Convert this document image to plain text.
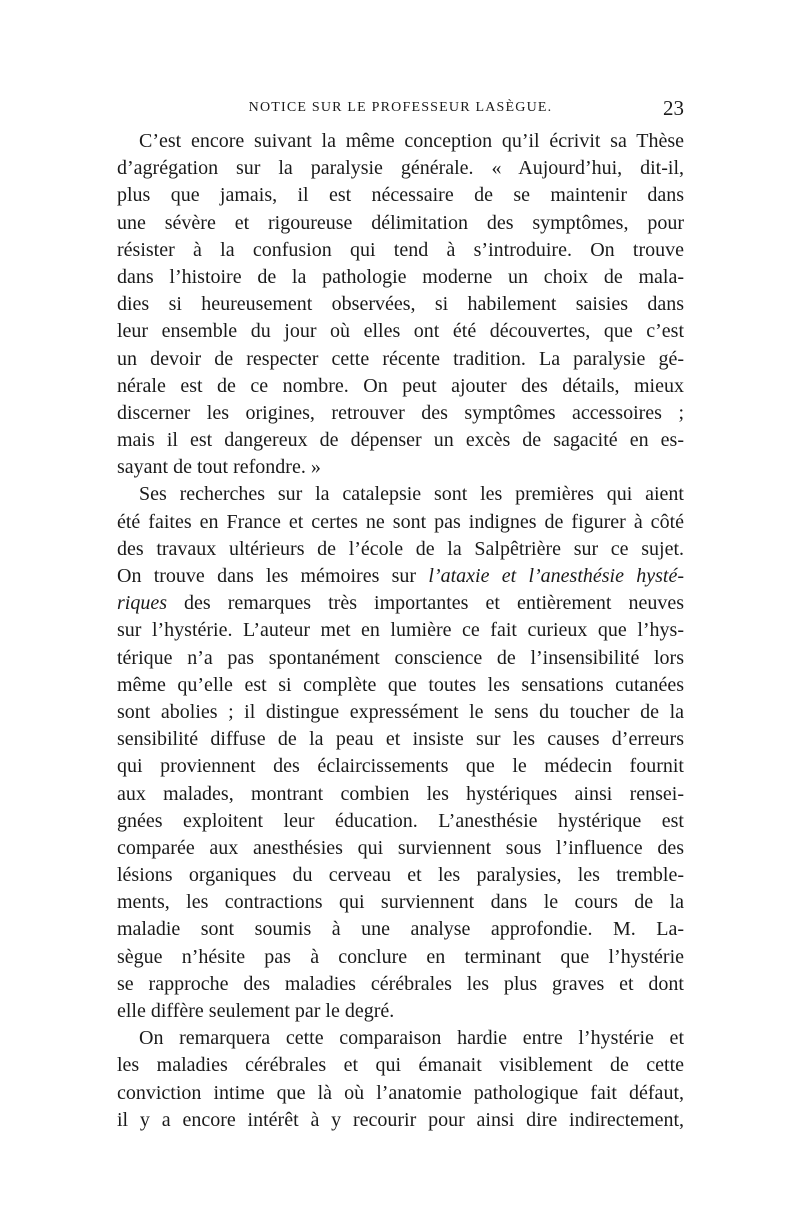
NOTICE SUR LE PROFESSEUR LASÈGUE.	23
C’est encore suivant la même conception qu’il écrivit sa Thèse
d’agrégation sur la paralysie générale. « Aujourd’hui, dit-il,
plus que jamais, il est nécessaire de se maintenir dans
une sévère et rigoureuse délimitation des symptômes, pour
résister à la confusion qui tend à s’introduire. On trouve
dans l’histoire de la pathologie moderne un choix de mala-
dies si heureusement observées, si habilement saisies dans
leur ensemble du jour où elles ont été découvertes, que c’est
un devoir de respecter cette récente tradition. La paralysie gé-
nérale est de ce nombre. On peut ajouter des détails, mieux
discerner les origines, retrouver des symptômes accessoires ;
mais il est dangereux de dépenser un excès de sagacité en es-
sayant de tout refondre. »
Ses recherches sur la catalepsie sont les premières qui aient
été faites en France et certes ne sont pas indignes de figurer à côté
des travaux ultérieurs de l’école de la Salpêtrière sur ce sujet.
On trouve dans les mémoires sur l’ataxie et l’anesthésie hysté-
riques des remarques très importantes et entièrement neuves
sur l’hystérie. L’auteur met en lumière ce fait curieux que l’hys-
térique n’a pas spontanément conscience de l’insensibilité lors
même qu’elle est si complète que toutes les sensations cutanées
sont abolies ; il distingue expressément le sens du toucher de la
sensibilité diffuse de la peau et insiste sur les causes d’erreurs
qui proviennent des éclaircissements que le médecin fournit
aux malades, montrant combien les hystériques ainsi rensei-
gnées exploitent leur éducation. L’anesthésie hystérique est
comparée aux anesthésies qui surviennent sous l’influence des
lésions organiques du cerveau et les paralysies, les tremble-
ments, les contractions qui surviennent dans le cours de la
maladie sont soumis à une analyse approfondie. M. La-
sègue n’hésite pas à conclure en terminant que l’hystérie
se rapproche des maladies cérébrales les plus graves et dont
elle diffère seulement par le degré.
On remarquera cette comparaison hardie entre l’hystérie et
les maladies cérébrales et qui émanait visiblement de cette
conviction intime que là où l’anatomie pathologique fait défaut,
il y a encore intérêt à y recourir pour ainsi dire indirectement,
